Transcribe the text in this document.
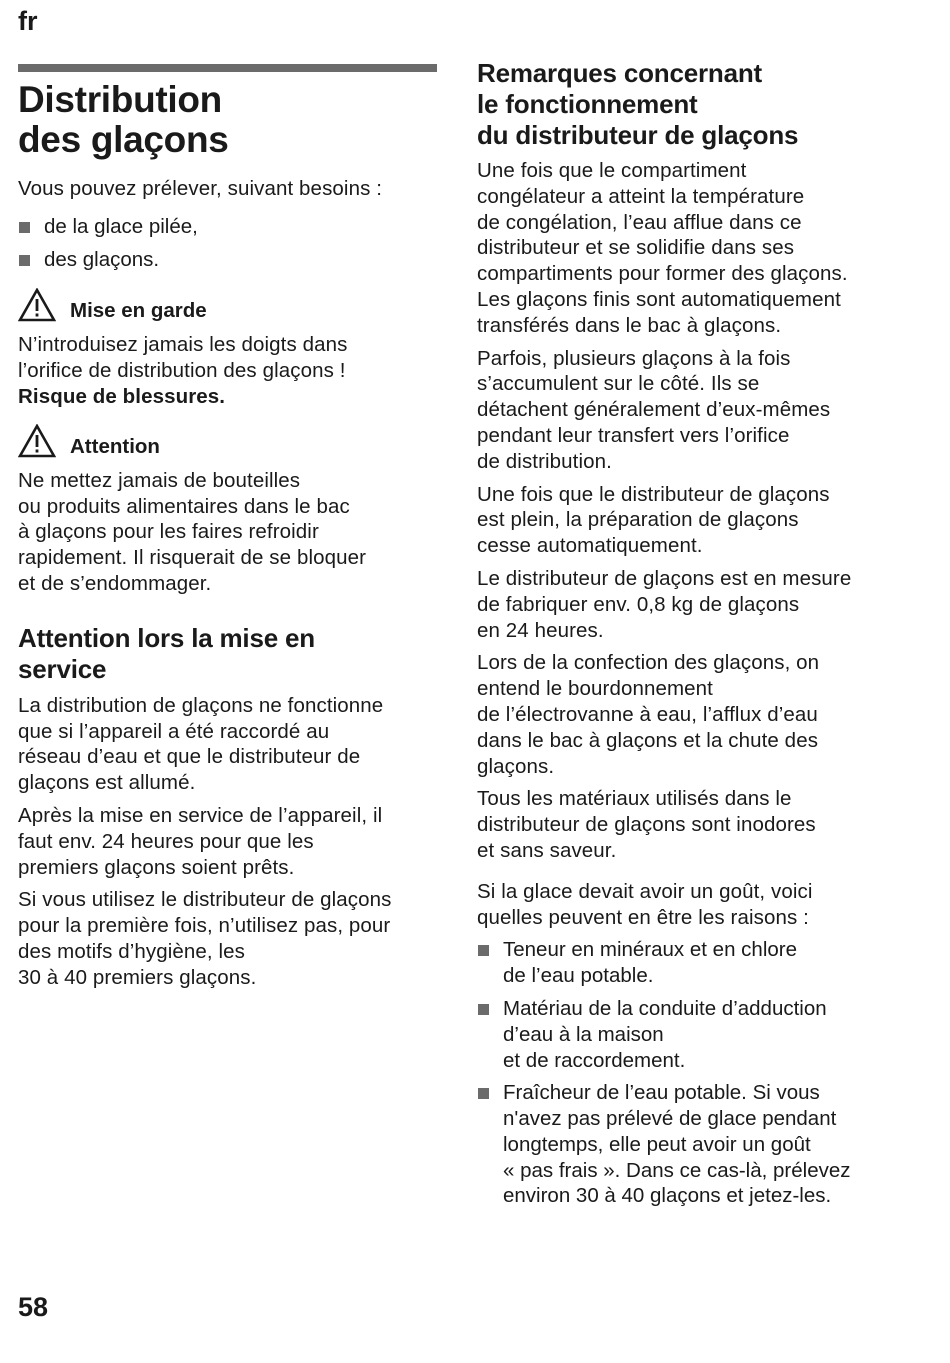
fr
Distribution
des glaçons

Vous pouvez prélever, suivant besoins :

de la glace pilée,
des glaçons.
Mise en garde

N’introduisez jamais les doigts dans
l’orifice de distribution des glaçons !
Risque de blessures.

Attention

Ne mettez jamais de bouteilles
ou produits alimentaires dans le bac
à glaçons pour les faires refroidir
rapidement. Il risquerait de se bloquer
et de s’endommager.

Attention lors la mise en
service

La distribution de glaçons ne fonctionne
que si l’appareil a été raccordé au
réseau d’eau et que le distributeur de
glaçons est allumé.

Après la mise en service de l’appareil, il
faut env. 24 heures pour que les
premiers glaçons soient prêts.

Si vous utilisez le distributeur de glaçons
pour la première fois, n’utilisez pas, pour
des motifs d’hygiène, les
30 à 40 premiers glaçons.

Remarques concernant
le fonctionnement
du distributeur de glaçons

Une fois que le compartiment
congélateur a atteint la température
de congélation, l’eau afflue dans ce
distributeur et se solidifie dans ses
compartiments pour former des glaçons.
Les glaçons finis sont automatiquement
transférés dans le bac à glaçons.

Parfois, plusieurs glaçons à la fois
s’accumulent sur le côté. Ils se
détachent généralement d’eux-mêmes
pendant leur transfert vers l’orifice
de distribution.

Une fois que le distributeur de glaçons
est plein, la préparation de glaçons
cesse automatiquement.

Le distributeur de glaçons est en mesure
de fabriquer env. 0,8 kg de glaçons
en 24 heures.

Lors de la confection des glaçons, on
entend le bourdonnement
de l’électrovanne à eau, l’afflux d’eau
dans le bac à glaçons et la chute des
glaçons.

Tous les matériaux utilisés dans le
distributeur de glaçons sont inodores
et sans saveur.

Si la glace devait avoir un goût, voici
quelles peuvent en être les raisons :

Teneur en minéraux et en chlore
de l’eau potable.
Matériau de la conduite d’adduction
d’eau à la maison
et de raccordement.
Fraîcheur de l’eau potable. Si vous
n'avez pas prélevé de glace pendant
longtemps, elle peut avoir un goût
« pas frais ». Dans ce cas-là, prélevez
environ 30 à 40 glaçons et jetez-les.
58
